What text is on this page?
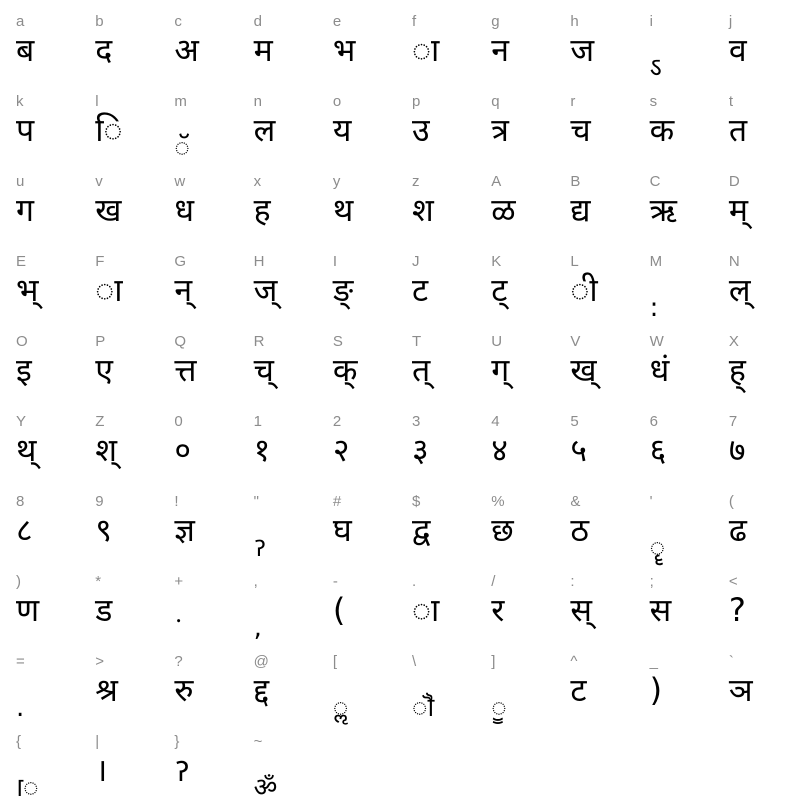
a
ब
b
द
c
अ
d
म
e
भ
f
ा
g
न
h
ज
i
ऽ
j
व
k
प
l
ि
m
ॅ
n
ल
o
य
p
उ
q
त्र
r
च
s
क
t
त
u
ग
v
ख
w
ध
x
ह
y
थ
z
श
A
ळ
B
द्य
C
ऋ
D
म्
E
भ्
F
ा
G
न्
H
ज्
I
ङ्
J
ट
K
ट्
L
ी
M
:
N
ल्
O
इ
P
ए
Q
त्त
R
च्
S
क्
T
त्
U
ग्
V
ख्
W
धं
X
ह्
Y
थ्
Z
श्
0
०
1
१
2
२
3
३
4
४
5
५
6
६
7
७
8
८
9
९
!
ज्ञ
"
ॽ
#
घ
$
द्व
%
छ
&
ठ
'
ॄ
(
ढ
)
ण
*
ड
+
ॱ
,
,
-
(
.
ा
/
र
:
स्
;
स
<
?
=
.
>
श्र
?
रु
@
द्द
[
ॢ
\
ॏ
]
ॗ
^
ट
_
)
`
ञ
{
ॎ
|
।
}
ॽ
~
ॐ
